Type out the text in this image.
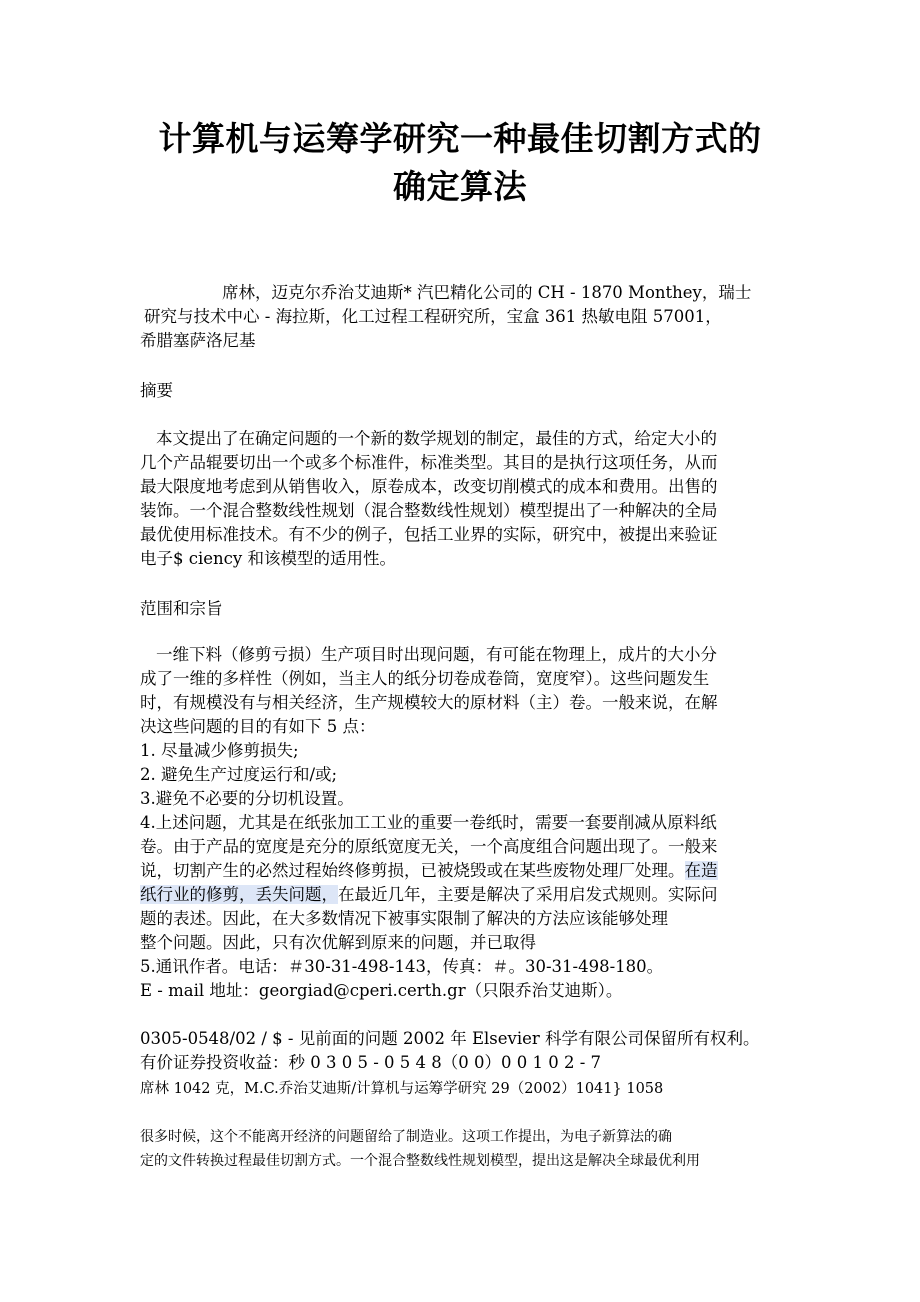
计算机与运筹学研究一种最佳切割方式的
确定算法
席林，迈克尔乔治艾迪斯* 汽巴精化公司的 CH - 1870 Monthey，瑞士
研究与技术中心 - 海拉斯，化工过程工程研究所，宝盒 361 热敏电阻 57001，
希腊塞萨洛尼基
摘要
本文提出了在确定问题的一个新的数学规划的制定，最佳的方式，给定大小的
几个产品辊要切出一个或多个标准件，标准类型。其目的是执行这项任务，从而
最大限度地考虑到从销售收入，原卷成本，改变切削模式的成本和费用。出售的
装饰。一个混合整数线性规划（混合整数线性规划）模型提出了一种解决的全局
最优使用标准技术。有不少的例子，包括工业界的实际，研究中，被提出来验证
电子$ ciency 和该模型的适用性。
范围和宗旨
一维下料（修剪亏损）生产项目时出现问题，有可能在物理上，成片的大小分
成了一维的多样性（例如，当主人的纸分切卷成卷筒，宽度窄）。这些问题发生
时，有规模没有与相关经济，生产规模较大的原材料（主）卷。一般来说，在解
决这些问题的目的有如下 5 点：
1. 尽量减少修剪损失;
2. 避免生产过度运行和/或;
3.避免不必要的分切机设置。
4.上述问题，尤其是在纸张加工工业的重要一卷纸时，需要一套要削减从原料纸
卷。由于产品的宽度是充分的原纸宽度无关，一个高度组合问题出现了。一般来
说，切割产生的必然过程始终修剪损，已被烧毁或在某些废物处理厂处理。在造
纸行业的修剪，丢失问题，在最近几年，主要是解决了采用启发式规则。实际问
题的表述。因此，在大多数情况下被事实限制了解决的方法应该能够处理
整个问题。因此，只有次优解到原来的问题，并已取得
5.通讯作者。电话：＃30-31-498-143，传真：＃。30-31-498-180。
E - mail 地址：georgiad@cperi.certh.gr（只限乔治艾迪斯）。
0305-0548/02 / $ - 见前面的问题 2002 年 Elsevier 科学有限公司保留所有权利。
有价证券投资收益：秒 0 3 0 5 - 0 5 4 8（0 0）0 0 1 0 2 - 7
席林 1042 克，M.C.乔治艾迪斯/计算机与运筹学研究 29（2002）1041} 1058
很多时候，这个不能离开经济的问题留给了制造业。这项工作提出，为电子新算法的确
定的文件转换过程最佳切割方式。一个混合整数线性规划模型，提出这是解决全球最优利用
